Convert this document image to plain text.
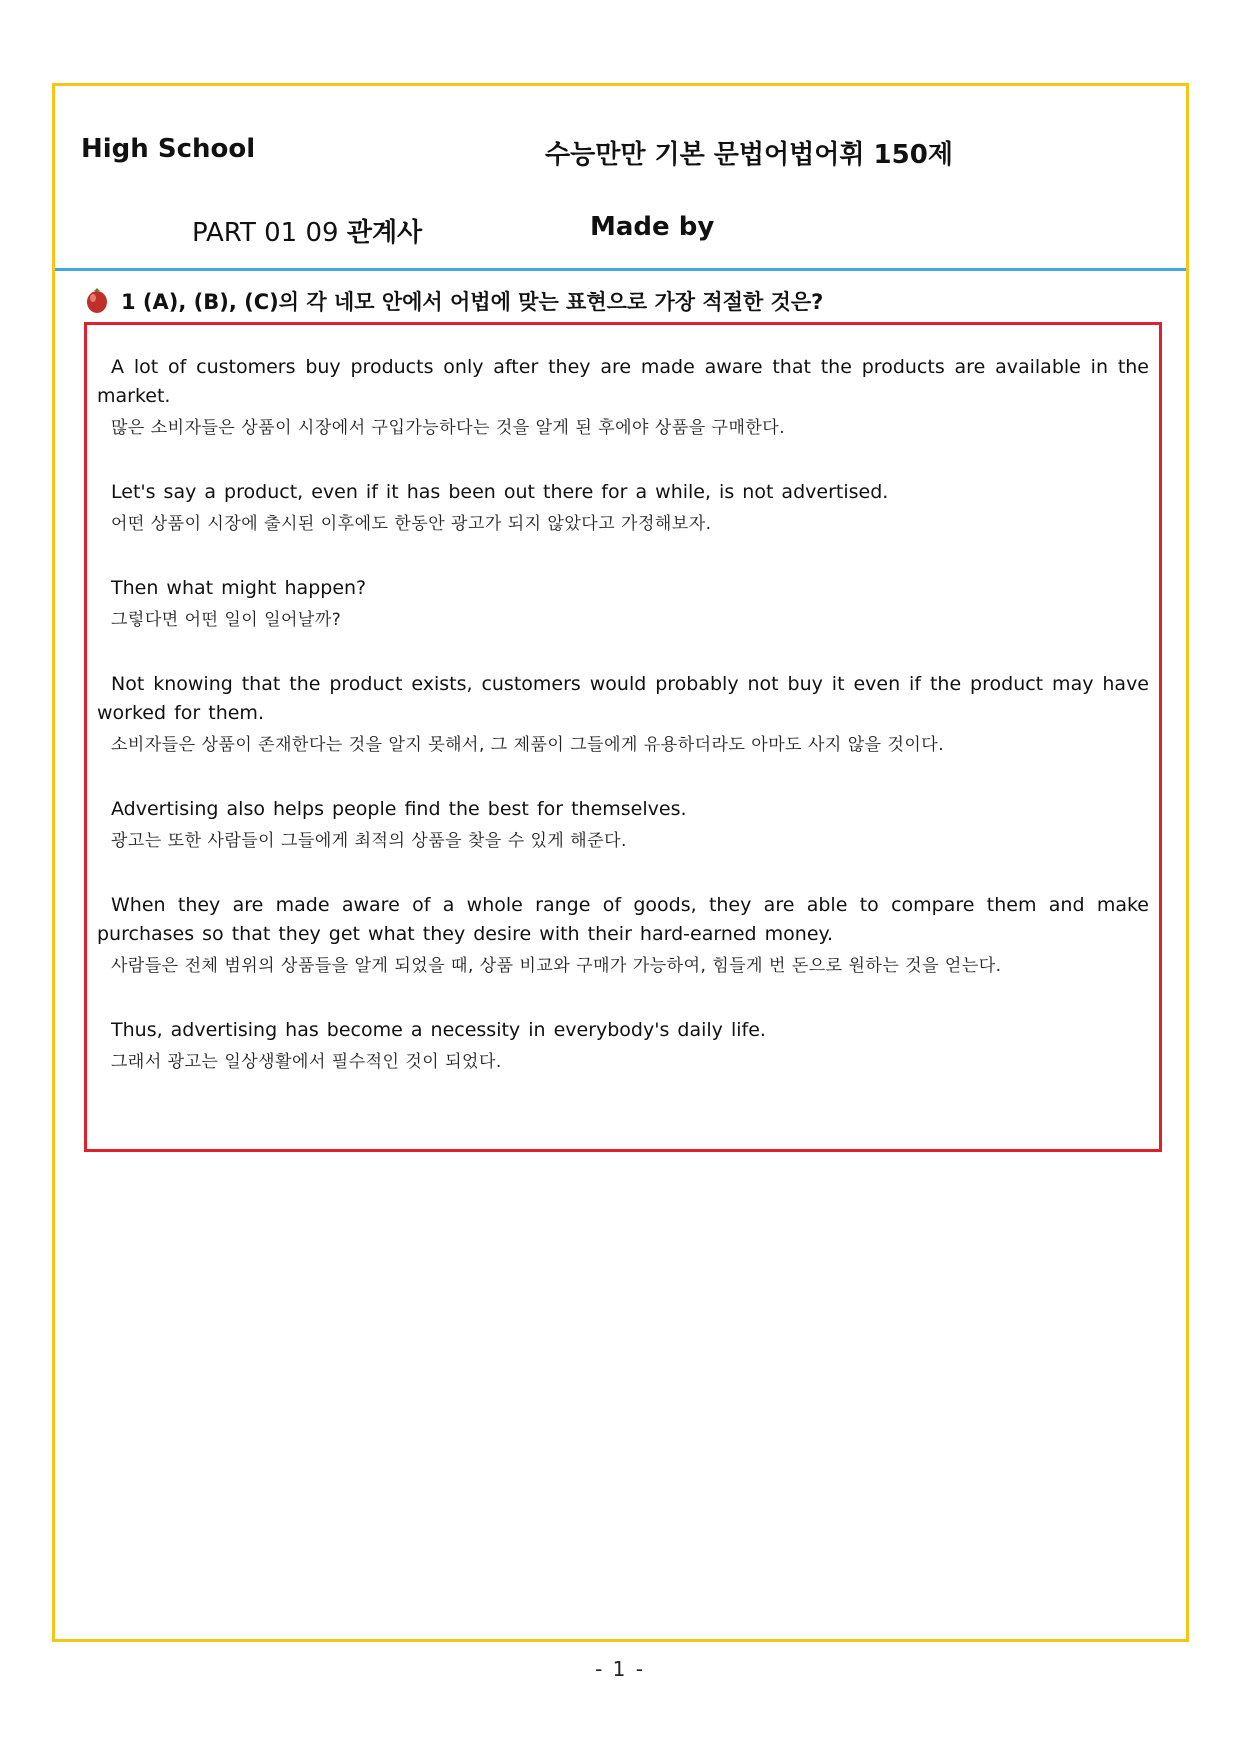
High School	수능만만 기본 문법어법어휘 150제
PART 01 09 관계사	Made by
1 (A), (B), (C)의 각 네모 안에서 어법에 맞는 표현으로 가장 적절한 것은?
A lot of customers buy products only after they are made aware that the products are available in the market.
많은 소비자들은 상품이 시장에서 구입가능하다는 것을 알게 된 후에야 상품을 구매한다.
Let's say a product, even if it has been out there for a while, is not advertised.
어떤 상품이 시장에 출시된 이후에도 한동안 광고가 되지 않았다고 가정해보자.
Then what might happen?
그렇다면 어떤 일이 일어날까?
Not knowing that the product exists, customers would probably not buy it even if the product may have worked for them.
소비자들은 상품이 존재한다는 것을 알지 못해서, 그 제품이 그들에게 유용하더라도 아마도 사지 않을 것이다.
Advertising also helps people find the best for themselves.
광고는 또한 사람들이 그들에게 최적의 상품을 찾을 수 있게 해준다.
When they are made aware of a whole range of goods, they are able to compare them and make purchases so that they get what they desire with their hard-earned money.
사람들은 전체 범위의 상품들을 알게 되었을 때, 상품 비교와 구매가 가능하여, 힘들게 번 돈으로 원하는 것을 얻는다.
Thus, advertising has become a necessity in everybody's daily life.
그래서 광고는 일상생활에서 필수적인 것이 되었다.
- 1 -
